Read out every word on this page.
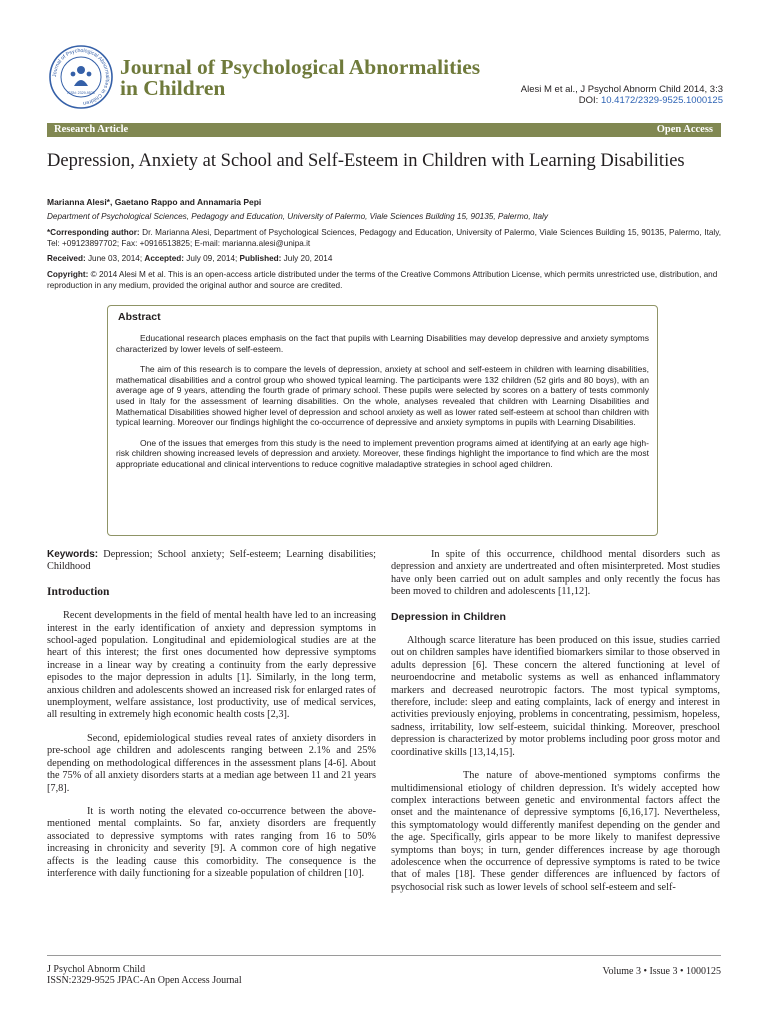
Journal of Psychological Abnormalities in Children
ISSN: 2329-9525
Journal of Psychological Abnormalities
in Children	Alesi M et al., J Psychol Abnorm Child 2014, 3:3
DOI: 10.4172/2329-9525.1000125
Research Article	Open Access
Depression, Anxiety at School and Self-Esteem in Children with Learning Disabilities
Marianna Alesi*, Gaetano Rappo and Annamaria Pepi
Department of Psychological Sciences, Pedagogy and Education, University of Palermo, Viale Sciences Building 15, 90135, Palermo, Italy
*Corresponding author: Dr. Marianna Alesi, Department of Psychological Sciences, Pedagogy and Education, University of Palermo, Viale Sciences Building 15, 90135, Palermo, Italy, Tel: +09123897702; Fax: +0916513825; E-mail: marianna.alesi@unipa.it
Received: June 03, 2014; Accepted: July 09, 2014; Published: July 20, 2014
Copyright: © 2014 Alesi M et al. This is an open-access article distributed under the terms of the Creative Commons Attribution License, which permits unrestricted use, distribution, and reproduction in any medium, provided the original author and source are credited.
Abstract

Educational research places emphasis on the fact that pupils with Learning Disabilities may develop depressive and anxiety symptoms characterized by lower levels of self-esteem.

The aim of this research is to compare the levels of depression, anxiety at school and self-esteem in children with learning disabilities, mathematical disabilities and a control group who showed typical learning. The participants were 132 children (52 girls and 80 boys), with an average age of 9 years, attending the fourth grade of primary school. These pupils were selected by scores on a battery of tests commonly used in Italy for the assessment of learning disabilities. On the whole, analyses revealed that children with Learning Disabilities and Mathematical Disabilities showed higher level of depression and school anxiety as well as lower rated self-esteem at school than children with typical learning. Moreover our findings highlight the co-occurrence of depressive and anxiety symptoms in pupils with Learning Disabilities.

One of the issues that emerges from this study is the need to implement prevention programs aimed at identifying at an early age high-risk children showing increased levels of depression and anxiety. Moreover, these findings highlight the importance to find which are the most appropriate educational and clinical interventions to reduce cognitive maladaptive strategies in school aged children.

Keywords: Depression; School anxiety; Self-esteem; Learning disabilities; Childhood

Introduction

Recent developments in the field of mental health have led to an increasing interest in the early identification of anxiety and depression symptoms in school-aged population. Longitudinal and epidemiological studies are at the heart of this interest; the first ones documented how depressive symptoms increase in a linear way by creating a continuity from the early depressive episodes to the major depression in adults [1]. Similarly, in the long term, anxious children and adolescents showed an increased risk for enlarged rates of unemployment, welfare assistance, lost productivity, use of medical services, all resulting in extremely high economic health costs [2,3].

Second, epidemiological studies reveal rates of anxiety disorders in pre-school age children and adolescents ranging between 2.1% and 25% depending on methodological differences in the assessment plans [4-6]. About the 75% of all anxiety disorders starts at a median age between 11 and 21 years [7,8].

It is worth noting the elevated co-occurrence between the above-mentioned mental complaints. So far, anxiety disorders are frequently associated to depressive symptoms with rates ranging from 16 to 50% increasing in chronicity and severity [9]. A common core of high negative affects is the leading cause this comorbidity. The consequence is the interference with daily functioning for a sizeable population of children [10].

In spite of this occurrence, childhood mental disorders such as depression and anxiety are undertreated and often misinterpreted. Most studies have only been carried out on adult samples and only recently the focus has been moved to children and adolescents [11,12].

Depression in Children

Although scarce literature has been produced on this issue, studies carried out on children samples have identified biomarkers similar to those observed in adults depression [6]. These concern the altered functioning at level of neuroendocrine and metabolic systems as well as enhanced inflammatory markers and decreased neurotropic factors. The most typical symptoms, therefore, include: sleep and eating complaints, lack of energy and interest in activities previously enjoying, problems in concentrating, pessimism, hopeless, sadness, irritability, low self-esteem, suicidal thinking. Moreover, preschool depression is characterized by motor problems including poor gross motor and coordinative skills [13,14,15].

The nature of above-mentioned symptoms confirms the multidimensional etiology of children depression. It's widely accepted how complex interactions between genetic and environmental factors affect the onset and the maintenance of depressive symptoms [6,16,17]. Nevertheless, this symptomatology would differently manifest depending on the gender and the age. Specifically, girls appear to be more likely to manifest depressive symptoms than boys; in turn, gender differences increase by age thorough adolescence when the occurrence of depressive symptoms is rated to be twice that of males [18]. These gender differences are influenced by factors of psychosocial risk such as lower levels of school self-esteem and self-

J Psychol Abnorm Child
ISSN:2329-9525 JPAC-An Open Access Journal
Volume 3 • Issue 3 • 1000125
